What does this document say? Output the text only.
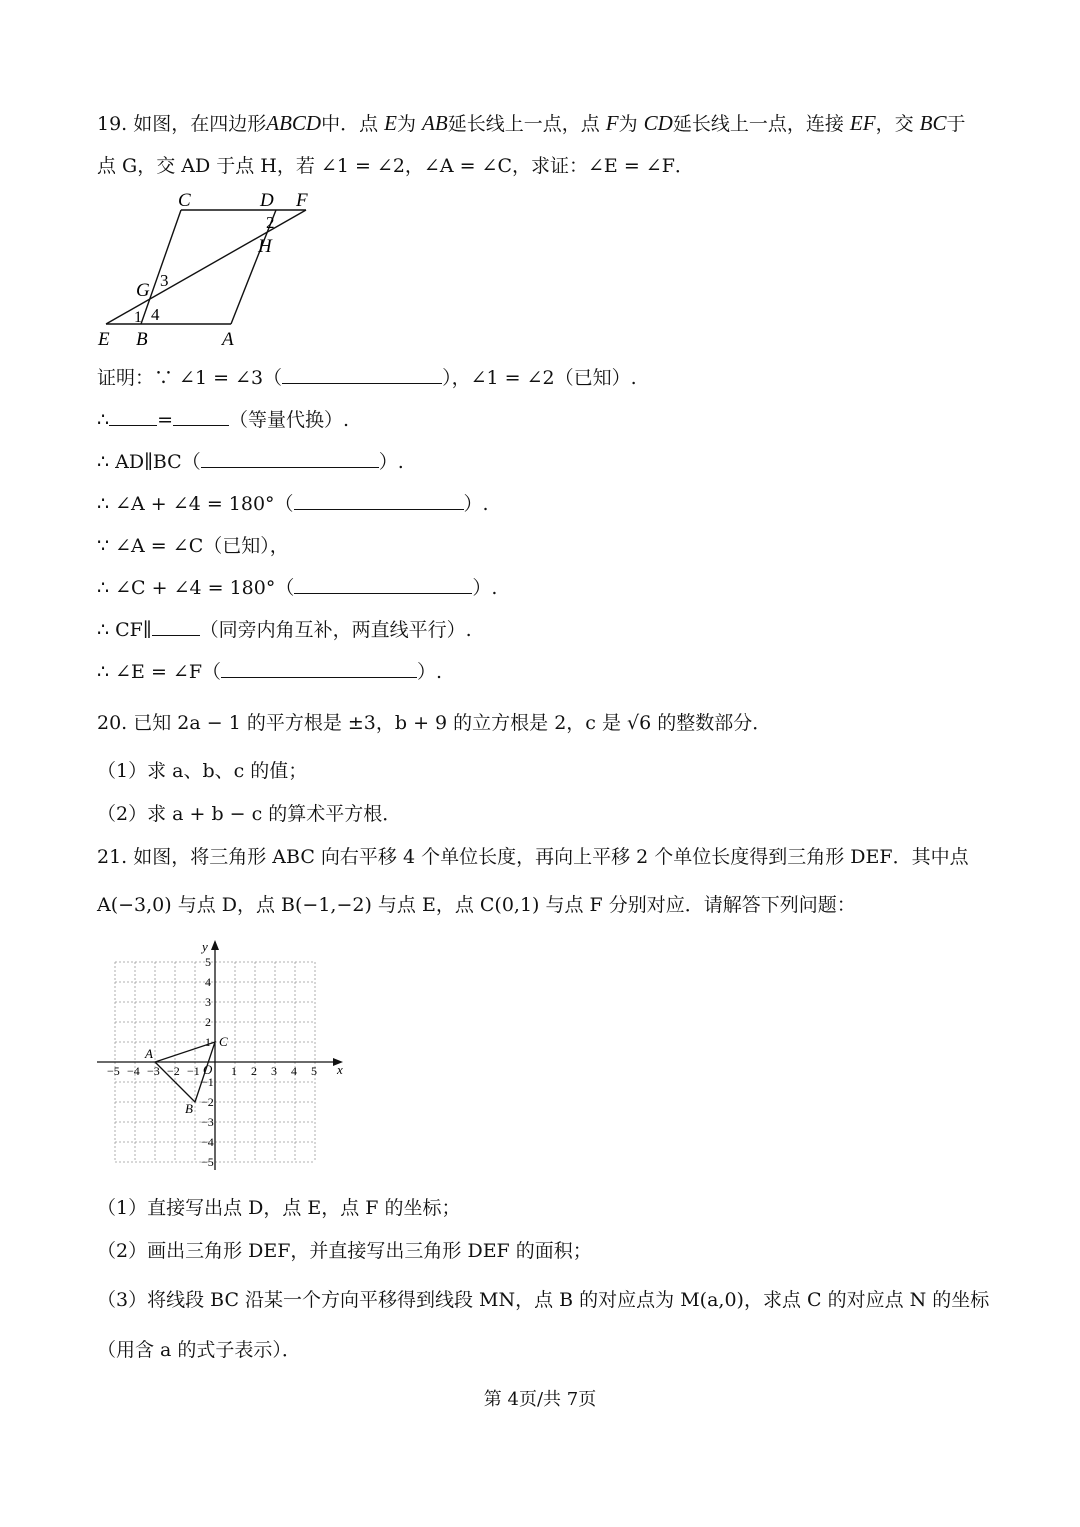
19. 如图，在四边形ABCD中．点 E为 AB延长线上一点，点 F为 CD延长线上一点，连接 EF，交 BC于
点 G，交 AD 于点 H，若 ∠1 = ∠2，∠A = ∠C，求证：∠E = ∠F．
C	D F
2
H
3
G
1 4
E B	A
证明：∵ ∠1 = ∠3（	），∠1 = ∠2（已知）.
∴	=	（等量代换）.
∴ AD∥BC（	）.
∴ ∠A + ∠4 = 180°（	）.
∵ ∠A = ∠C（已知），
∴ ∠C + ∠4 = 180°（	）.
∴ CF∥	（同旁内角互补，两直线平行）.
∴ ∠E = ∠F（	）.
20. 已知 2a − 1 的平方根是 ±3，b + 9 的立方根是 2，c 是 √6 的整数部分．
（1）求 a、b、c 的值；
（2）求 a + b − c 的算术平方根．
21. 如图，将三角形 ABC 向右平移 4 个单位长度，再向上平移 2 个单位长度得到三角形 DEF．其中点
A(−3,0) 与点 D，点 B(−1,−2) 与点 E，点 C(0,1) 与点 F 分别对应．请解答下列问题：
x
y
O
−5 −4 −3 −2 −1	1 2 3 4 5
5
4
3
2
1
−1
−2
−3
−4
−5
A
B
C
（1）直接写出点 D，点 E，点 F 的坐标；
（2）画出三角形 DEF，并直接写出三角形 DEF 的面积；
（3）将线段 BC 沿某一个方向平移得到线段 MN，点 B 的对应点为 M(a,0)，求点 C 的对应点 N 的坐标
（用含 a 的式子表示）．
第 4页/共 7页
